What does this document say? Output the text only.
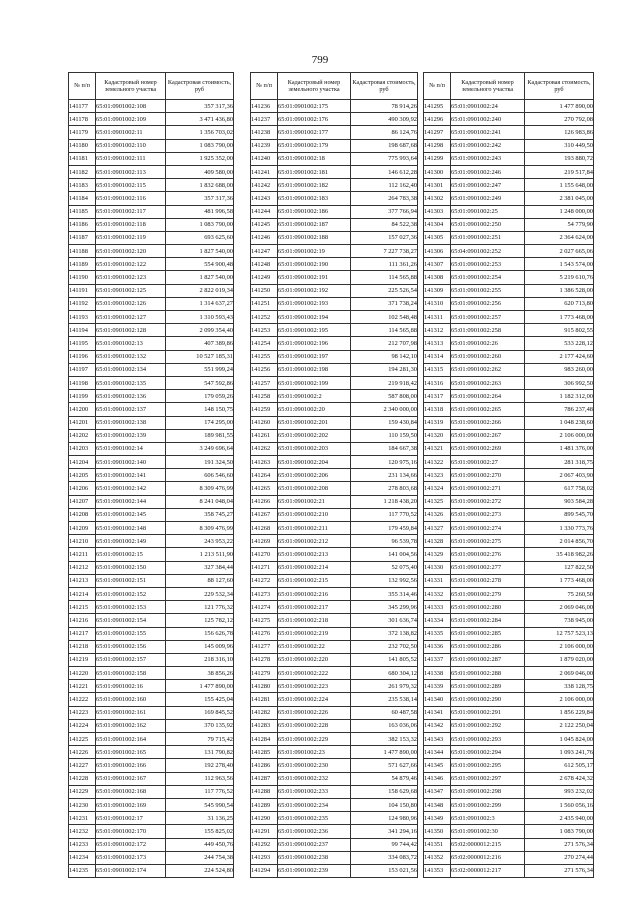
799
№ п/п	Кадастровый номер земельного участка	Кадастровая стоимость, руб
141177	65:01:0901002:108	357 317,36
141178	65:01:0901002:109	3 471 436,80
141179	65:01:0901002:11	1 356 703,02
141180	65:01:0901002:110	1 083 790,00
141181	65:01:0901002:111	1 925 352,00
141182	65:01:0901002:113	409 580,00
141183	65:01:0901002:115	1 832 688,00
141184	65:01:0901002:116	357 317,36
141185	65:01:0901002:117	481 996,58
141186	65:01:0901002:118	1 083 790,00
141187	65:01:0901002:119	693 625,60
141188	65:01:0901002:120	1 827 540,00
141189	65:01:0901002:122	554 900,48
141190	65:01:0901002:123	1 827 540,00
141191	65:01:0901002:125	2 822 019,34
141192	65:01:0901002:126	1 314 637,27
141193	65:01:0901002:127	1 310 593,43
141194	65:01:0901002:128	2 099 354,40
141195	65:01:0901002:13	407 389,86
141196	65:01:0901002:132	10 527 185,31
141197	65:01:0901002:134	551 999,24
141198	65:01:0901002:135	547 592,86
141199	65:01:0901002:136	179 059,26
141200	65:01:0901002:137	148 150,75
141201	65:01:0901002:138	174 295,00
141202	65:01:0901002:139	189 981,55
141203	65:01:0901002:14	3 249 696,64
141204	65:01:0901002:140	191 324,50
141205	65:01:0901002:141	606 546,60
141206	65:01:0901002:142	8 309 476,99
141207	65:01:0901002:144	8 241 048,04
141208	65:01:0901002:145	358 745,27
141209	65:01:0901002:148	8 309 476,99
141210	65:01:0901002:149	243 953,22
141211	65:01:0901002:15	1 213 511,90
141212	65:01:0901002:150	327 384,44
141213	65:01:0901002:151	88 127,60
141214	65:01:0901002:152	229 532,34
141215	65:01:0901002:153	121 776,32
141216	65:01:0901002:154	125 782,12
141217	65:01:0901002:155	156 626,78
141218	65:01:0901002:156	145 009,96
141219	65:01:0901002:157	218 316,10
141220	65:01:0901002:158	38 856,26
141221	65:01:0901002:16	1 477 890,00
141222	65:01:0901002:160	155 425,04
141223	65:01:0901002:161	169 845,52
141224	65:01:0901002:162	370 135,92
141225	65:01:0901002:164	79 715,42
141226	65:01:0901002:165	131 790,82
141227	65:01:0901002:166	192 278,40
141228	65:01:0901002:167	112 963,56
141229	65:01:0901002:168	117 776,52
141230	65:01:0901002:169	545 990,54
141231	65:01:0901002:17	31 136,25
141232	65:01:0901002:170	155 825,02
141233	65:01:0901002:172	449 450,76
141234	65:01:0901002:173	244 754,38
141235	65:01:0901002:174	224 524,80
№ п/п	Кадастровый номер земельного участка	Кадастровая стоимость, руб
141236	65:01:0901002:175	78 914,26
141237	65:01:0901002:176	490 309,92
141238	65:01:0901002:177	86 124,76
141239	65:01:0901002:179	198 687,68
141240	65:01:0901002:18	775 993,64
141241	65:01:0901002:181	146 612,28
141242	65:01:0901002:182	112 162,40
141243	65:01:0901002:183	264 783,38
141244	65:01:0901002:186	377 766,94
141245	65:01:0901002:187	84 522,38
141246	65:01:0901002:188	157 027,36
141247	65:01:0901002:19	7 227 738,27
141248	65:01:0901002:190	111 361,26
141249	65:01:0901002:191	114 565,88
141250	65:01:0901002:192	225 526,54
141251	65:01:0901002:193	371 738,24
141252	65:01:0901002:194	102 548,48
141253	65:01:0901002:195	114 565,88
141254	65:01:0901002:196	212 707,98
141255	65:01:0901002:197	98 142,10
141256	65:01:0901002:198	194 281,30
141257	65:01:0901002:199	219 918,42
141258	65:01:0901002:2	587 808,00
141259	65:01:0901002:20	2 340 000,00
141260	65:01:0901002:201	159 430,84
141261	65:01:0901002:202	110 159,50
141262	65:01:0901002:203	184 667,38
141263	65:01:0901002:204	120 975,16
141264	65:01:0901002:206	231 134,66
141265	65:01:0901002:208	278 803,68
141266	65:01:0901002:21	1 218 438,20
141267	65:01:0901002:210	117 770,52
141268	65:01:0901002:211	179 459,84
141269	65:01:0901002:212	96 539,78
141270	65:01:0901002:213	141 004,56
141271	65:01:0901002:214	52 075,40
141272	65:01:0901002:215	132 992,56
141273	65:01:0901002:216	355 314,46
141274	65:01:0901002:217	345 299,96
141275	65:01:0901002:218	301 636,74
141276	65:01:0901002:219	372 138,82
141277	65:01:0901002:22	232 702,50
141278	65:01:0901002:220	141 805,52
141279	65:01:0901002:222	680 304,12
141280	65:01:0901002:223	261 979,32
141281	65:01:0901002:224	235 538,14
141282	65:01:0901002:226	60 487,58
141283	65:01:0901002:228	163 036,06
141284	65:01:0901002:229	382 153,32
141285	65:01:0901002:23	1 477 890,00
141286	65:01:0901002:230	571 627,66
141287	65:01:0901002:232	54 879,46
141288	65:01:0901002:233	158 629,68
141289	65:01:0901002:234	104 150,80
141290	65:01:0901002:235	124 980,96
141291	65:01:0901002:236	341 294,16
141292	65:01:0901002:237	99 744,42
141293	65:01:0901002:238	334 083,72
141294	65:01:0901002:239	153 021,56
№ п/п	Кадастровый номер земельного участка	Кадастровая стоимость, руб
141295	65:01:0901002:24	1 477 890,00
141296	65:01:0901002:240	270 792,08
141297	65:01:0901002:241	126 983,86
141298	65:01:0901002:242	310 449,50
141299	65:01:0901002:243	193 880,72
141300	65:01:0901002:246	219 517,84
141301	65:01:0901002:247	1 155 648,00
141302	65:01:0901002:249	2 381 045,00
141303	65:01:0901002:25	1 248 000,00
141304	65:01:0901002:250	54 779,90
141305	65:01:0901002:251	2 364 624,00
141306	65:04:0901002:252	2 027 665,06
141307	65:01:0901002:253	1 543 574,00
141308	65:01:0901002:254	5 219 610,76
141309	65:01:0901002:255	1 386 528,00
141310	65:01:0901002:256	620 713,80
141311	65:01:0901002:257	1 773 468,00
141312	65:01:0901002:258	915 802,55
141313	65:01:0901002:26	533 228,12
141314	65:01:0901002:260	2 177 424,60
141315	65:01:0901002:262	983 260,00
141316	65:01:0901002:263	306 992,50
141317	65:01:0901002:264	1 182 312,00
141318	65:01:0901002:265	786 237,48
141319	65:01:0901002:266	1 048 238,60
141320	65:01:0901002:267	2 106 000,00
141321	65:01:0901002:269	1 481 376,00
141322	65:01:0901002:27	281 318,75
141323	65:01:0901002:270	2 067 403,90
141324	65:01:0901002:271	617 758,02
141325	65:01:0901002:272	903 584,28
141326	65:01:0901002:273	899 545,70
141327	65:01:0901002:274	1 330 773,76
141328	65:01:0901002:275	2 014 856,70
141329	65:01:0901002:276	35 418 982,26
141330	65:01:0901002:277	127 822,50
141331	65:01:0901002:278	1 773 468,00
141332	65:01:0901002:279	75 260,50
141333	65:01:0901002:280	2 069 046,00
141334	65:01:0901002:284	738 945,00
141335	65:01:0901002:285	12 757 523,13
141336	65:01:0901002:286	2 106 000,00
141337	65:01:0901002:287	1 879 020,00
141338	65:01:0901002:288	2 069 046,00
141339	65:01:0901002:289	338 128,75
141340	65:01:0901002:290	2 106 000,00
141341	65:01:0901002:291	1 856 229,84
141342	65:01:0901002:292	2 122 250,04
141343	65:01:0901002:293	1 045 824,00
141344	65:01:0901002:294	1 093 241,76
141345	65:01:0901002:295	612 505,17
141346	65:01:0901002:297	2 678 424,32
141347	65:01:0901002:298	993 232,02
141348	65:01:0901002:299	1 560 056,16
141349	65:01:0901002:3	2 435 940,00
141350	65:01:0901002:30	1 083 790,00
141351	65:02:0000012:215	271 576,34
141352	65:02:0000012:216	270 274,44
141353	65:02:0000012:217	271 576,34
